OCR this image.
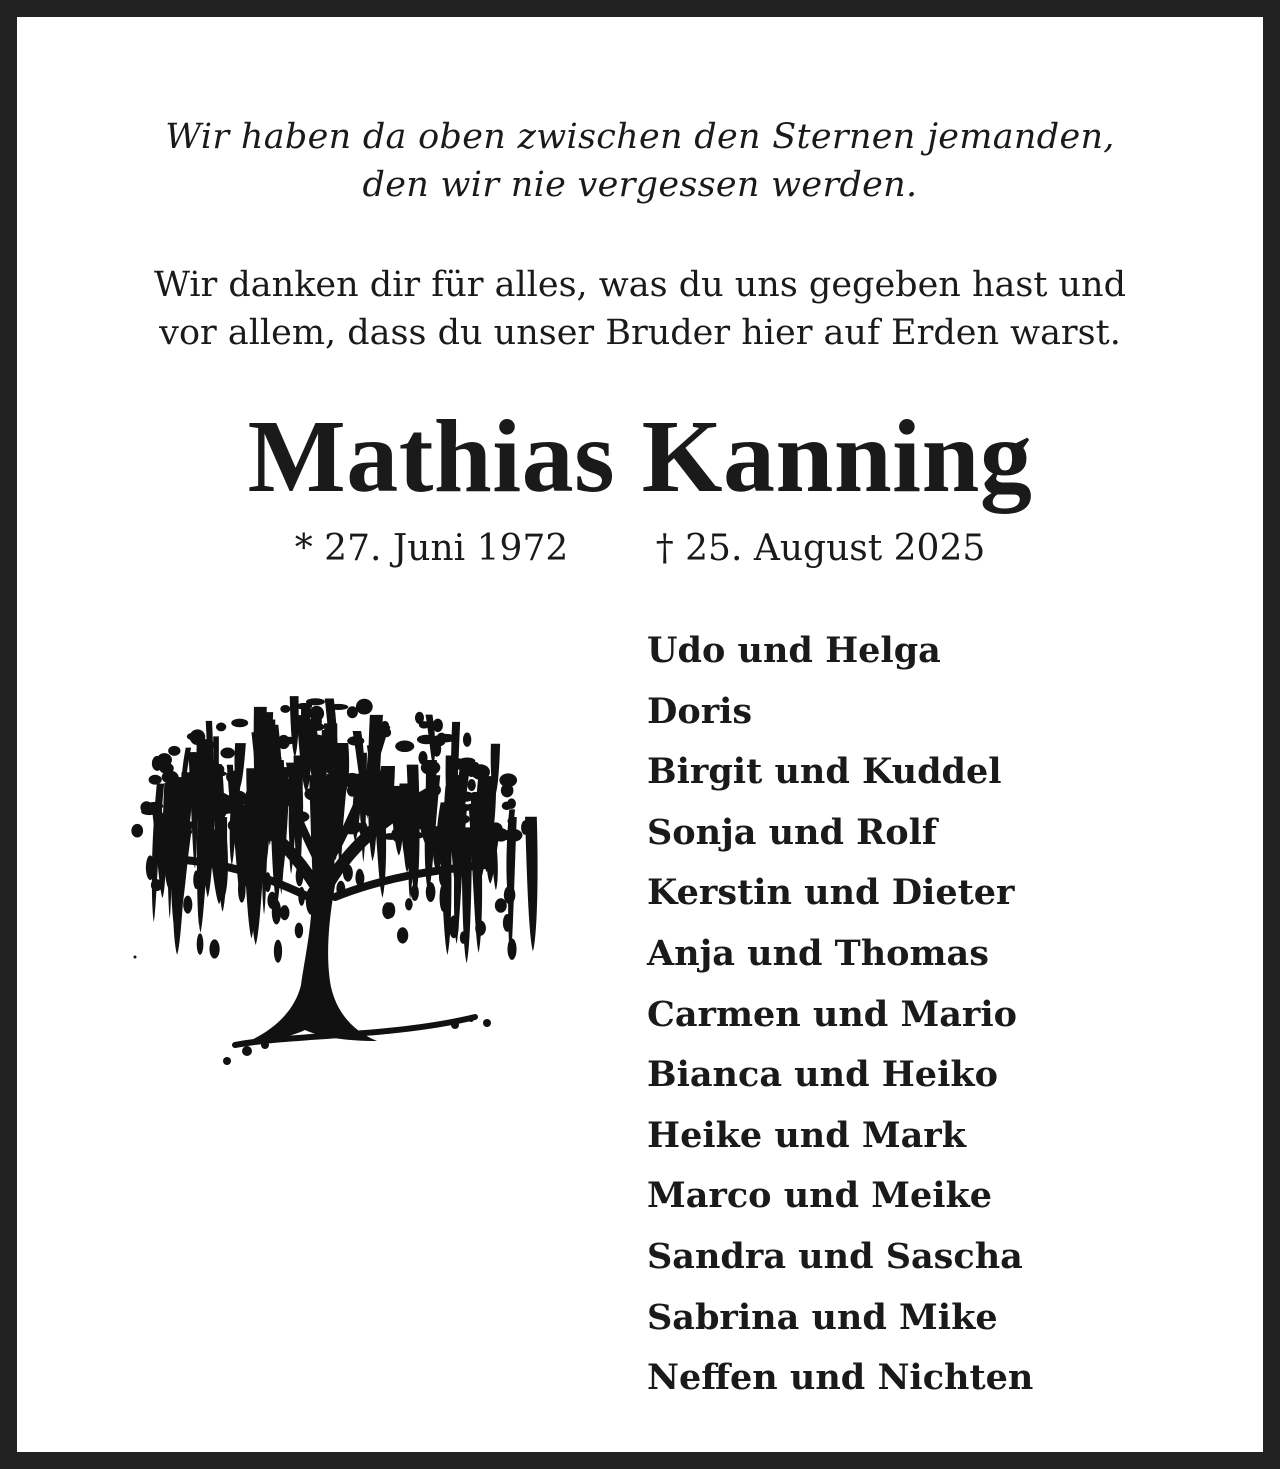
Wir haben da oben zwischen den Sternen jemanden,
den wir nie vergessen werden.

Wir danken dir für alles, was du uns gegeben hast und
vor allem, dass du unser Bruder hier auf Erden warst.

Mathias Kanning
* 27. Juni 1972 † 25. August 2025
Udo und Helga
Doris
Birgit und Kuddel
Sonja und Rolf
Kerstin und Dieter
Anja und Thomas
Carmen und Mario
Bianca und Heiko
Heike und Mark
Marco und Meike
Sandra und Sascha
Sabrina und Mike
Neffen und Nichten
